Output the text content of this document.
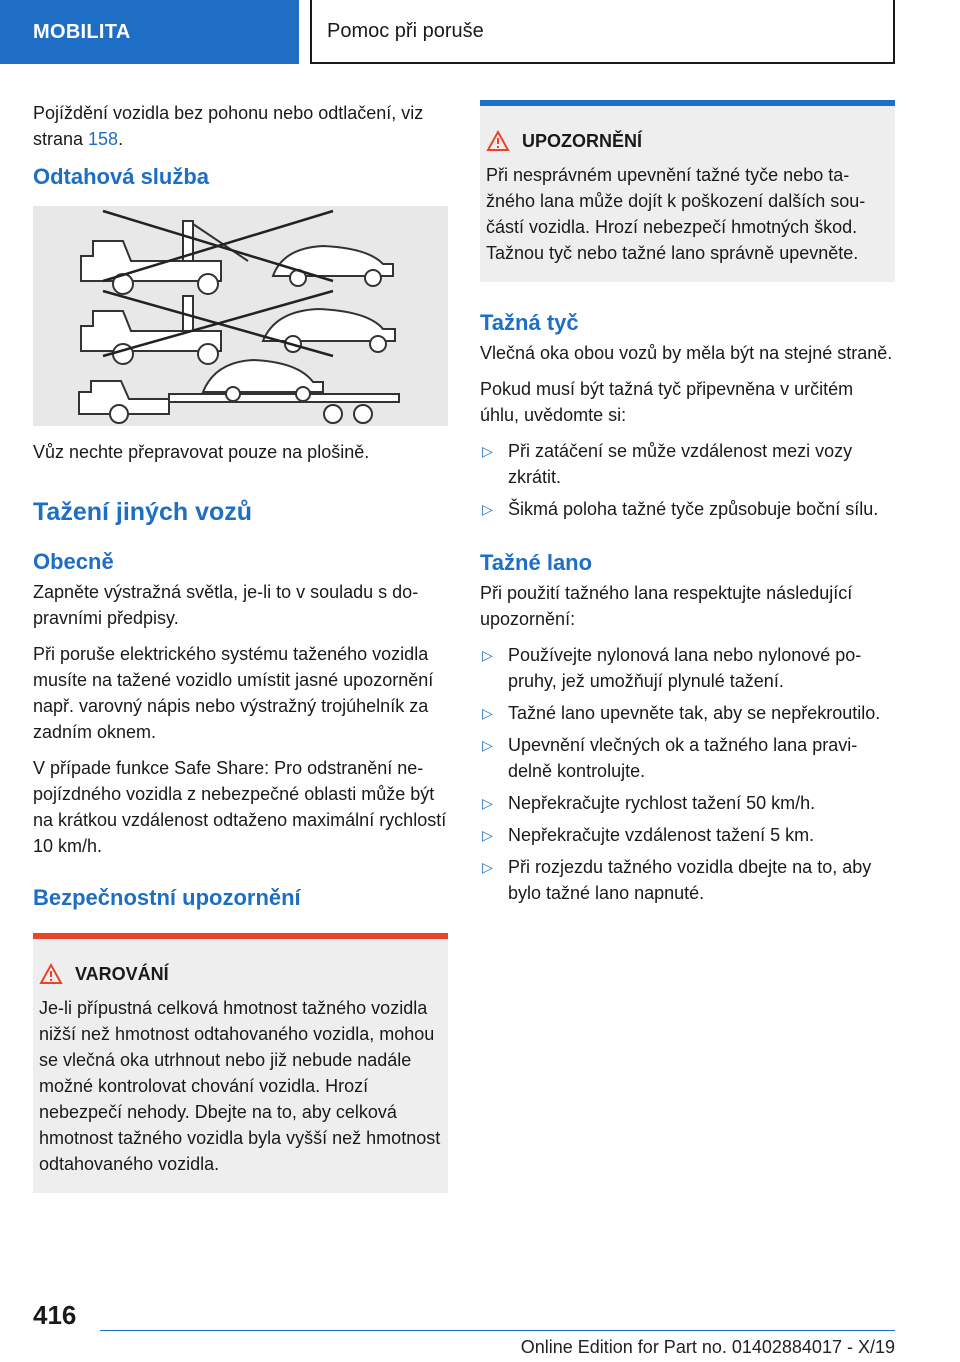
MOBILITA	Pomoc při poruše

Pojíždění vozidla bez pohonu nebo odtlačení, viz strana 158.

Odtahová služba

Vůz nechte přepravovat pouze na plošině.

Tažení jiných vozů
Obecně

Zapněte výstražná světla, je-li to v souladu s dopravními předpisy.

Při poruše elektrického systému taženého vozidla musíte na tažené vozidlo umístit jasné upozornění např. varovný nápis nebo výstražný trojúhelník za zadním oknem.

V případe funkce Safe Share: Pro odstranění nepojízdného vozidla z nebezpečné oblasti může být na krátkou vzdálenost odtaženo maximální rychlostí 10 km/h.

Bezpečnostní upozornění
VAROVÁNÍ

Je-li přípustná celková hmotnost tažného vozidla nižší než hmotnost odtahovaného vozidla, mohou se vlečná oka utrhnout nebo již nebude nadále možné kontrolovat chování vozidla. Hrozí nebezpečí nehody. Dbejte na to, aby celková hmotnost tažného vozidla byla vyšší než hmotnost odtahovaného vozidla.

UPOZORNĚNÍ

Při nesprávném upevnění tažné tyče nebo tažného lana může dojít k poškození dalších součástí vozidla. Hrozí nebezpečí hmotných škod. Tažnou tyč nebo tažné lano správně upevněte.

Tažná tyč

Vlečná oka obou vozů by měla být na stejné straně.

Pokud musí být tažná tyč připevněna v určitém úhlu, uvědomte si:

▷ Při zatáčení se může vzdálenost mezi vozy zkrátit.
▷ Šikmá poloha tažné tyče způsobuje boční sílu.
Tažné lano

Při použití tažného lana respektujte následující upozornění:

▷ Používejte nylonová lana nebo nylonové popruhy, jež umožňují plynulé tažení.
▷ Tažné lano upevněte tak, aby se nepřekroutilo.
▷ Upevnění vlečných ok a tažného lana pravidelně kontrolujte.
▷ Nepřekračujte rychlost tažení 50 km/h.
▷ Nepřekračujte vzdálenost tažení 5 km.
▷ Při rozjezdu tažného vozidla dbejte na to, aby bylo tažné lano napnuté.
416
Online Edition for Part no. 01402884017 - X/19
